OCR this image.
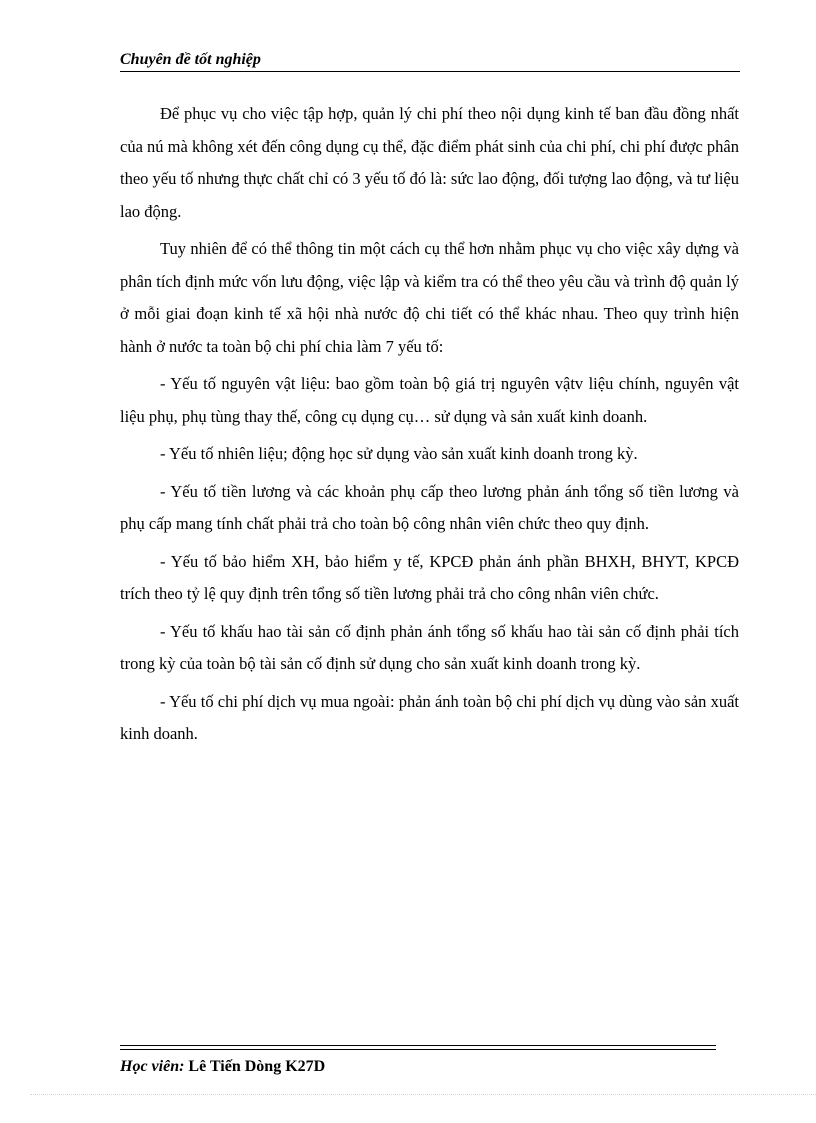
Chuyên đề tốt nghiệp

Để phục vụ cho việc tập hợp, quản lý chi phí theo nội dụng kinh tế ban đầu đồng nhất của nú mà không xét đến công dụng cụ thể, đặc điểm phát sinh của chi phí, chi phí được phân theo yếu tố nhưng thực chất chỉ có 3 yếu tố đó là: sức lao động, đối tượng lao động, và tư liệu lao động.

Tuy nhiên để có thể thông tin một cách cụ thể hơn nhằm phục vụ cho việc xây dựng và phân tích định mức vốn lưu động, việc lập và kiểm tra có thể theo yêu cầu và trình độ quản lý ở mỗi giai đoạn kinh tế xã hội nhà nước độ chi tiết có thể khác nhau. Theo quy trình hiện hành ở nước ta toàn bộ chi phí chia làm 7 yếu tố:

- Yếu tố nguyên vật liệu: bao gồm toàn bộ giá trị nguyên vậtv liệu chính, nguyên vật liệu phụ, phụ tùng thay thế, công cụ dụng cụ… sử dụng và sản xuất kinh doanh.

- Yếu tố nhiên liệu; động học sử dụng vào sản xuất kinh doanh trong kỳ.

- Yếu tố tiền lương và các khoản phụ cấp theo lương phản ánh tổng số tiền lương và phụ cấp mang tính chất phải trả cho toàn bộ công nhân viên chức theo quy định.

- Yếu tố bảo hiểm XH, bảo hiểm y tế, KPCĐ phản ánh phần BHXH, BHYT, KPCĐ trích theo tỷ lệ quy định trên tổng số tiền lương phải trả cho công nhân viên chức.

- Yếu tố khấu hao tài sản cố định phản ánh tổng số khấu hao tài sản cố định phải tích trong kỳ của toàn bộ tài sản cố định sử dụng cho sản xuất kinh doanh trong kỳ.

- Yếu tố chi phí dịch vụ mua ngoài: phản ánh toàn bộ chi phí dịch vụ dùng vào sản xuất kinh doanh.

Học viên: Lê Tiến Dòng K27D
